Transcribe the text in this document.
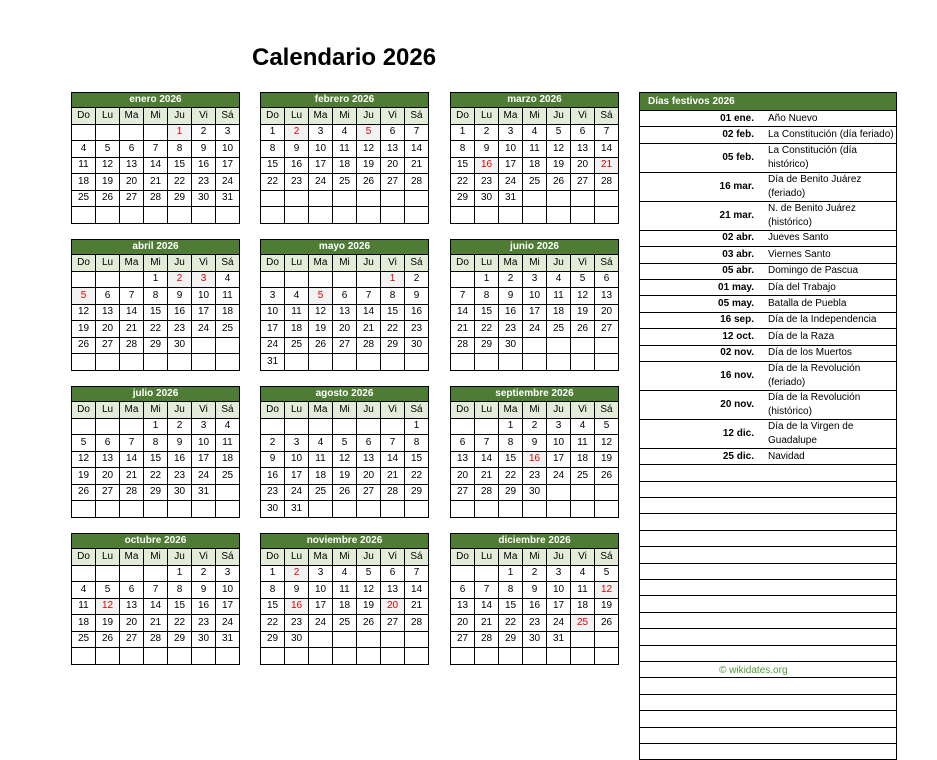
Calendario 2026
enero 2026						
Do	Lu	Ma	Mi	Ju	Vi	Sá
				1	2	3
4	5	6	7	8	9	10
11	12	13	14	15	16	17
18	19	20	21	22	23	24
25	26	27	28	29	30	31

febrero 2026						
Do	Lu	Ma	Mi	Ju	Vi	Sá
1	2	3	4	5	6	7
8	9	10	11	12	13	14
15	16	17	18	19	20	21
22	23	24	25	26	27	28

marzo 2026						
Do	Lu	Ma	Mi	Ju	Vi	Sá
1	2	3	4	5	6	7
8	9	10	11	12	13	14
15	16	17	18	19	20	21
22	23	24	25	26	27	28
29	30	31				

abril 2026						
Do	Lu	Ma	Mi	Ju	Vi	Sá
			1	2	3	4
5	6	7	8	9	10	11
12	13	14	15	16	17	18
19	20	21	22	23	24	25
26	27	28	29	30		

mayo 2026						
Do	Lu	Ma	Mi	Ju	Vi	Sá
					1	2
3	4	5	6	7	8	9
10	11	12	13	14	15	16
17	18	19	20	21	22	23
24	25	26	27	28	29	30
31						
junio 2026						
Do	Lu	Ma	Mi	Ju	Vi	Sá
	1	2	3	4	5	6
7	8	9	10	11	12	13
14	15	16	17	18	19	20
21	22	23	24	25	26	27
28	29	30				

julio 2026						
Do	Lu	Ma	Mi	Ju	Vi	Sá
			1	2	3	4
5	6	7	8	9	10	11
12	13	14	15	16	17	18
19	20	21	22	23	24	25
26	27	28	29	30	31	

agosto 2026						
Do	Lu	Ma	Mi	Ju	Vi	Sá
						1
2	3	4	5	6	7	8
9	10	11	12	13	14	15
16	17	18	19	20	21	22
23	24	25	26	27	28	29
30	31					
septiembre 2026						
Do	Lu	Ma	Mi	Ju	Vi	Sá
		1	2	3	4	5
6	7	8	9	10	11	12
13	14	15	16	17	18	19
20	21	22	23	24	25	26
27	28	29	30			

octubre 2026						
Do	Lu	Ma	Mi	Ju	Vi	Sá
				1	2	3
4	5	6	7	8	9	10
11	12	13	14	15	16	17
18	19	20	21	22	23	24
25	26	27	28	29	30	31

noviembre 2026						
Do	Lu	Ma	Mi	Ju	Vi	Sá
1	2	3	4	5	6	7
8	9	10	11	12	13	14
15	16	17	18	19	20	21
22	23	24	25	26	27	28
29	30					

diciembre 2026						
Do	Lu	Ma	Mi	Ju	Vi	Sá
		1	2	3	4	5
6	7	8	9	10	11	12
13	14	15	16	17	18	19
20	21	22	23	24	25	26
27	28	29	30	31		

Días festivos 2026	
01 ene.	Año Nuevo
02 feb.	La Constitución (día feriado)
05 feb.	La Constitución (día histórico)
16 mar.	Día de Benito Juárez (feriado)
21 mar.	N. de Benito Juárez (histórico)
02 abr.	Jueves Santo
03 abr.	Viernes Santo
05 abr.	Domingo de Pascua
01 may.	Día del Trabajo
05 may.	Batalla de Puebla
16 sep.	Día de la Independencia
12 oct.	Día de la Raza
02 nov.	Día de los Muertos
16 nov.	Día de la Revolución (feriado)
20 nov.	Día de la Revolución (histórico)
12 dic.	Día de la Virgen de Guadalupe
25 dic.	Navidad

© wikidates.org
